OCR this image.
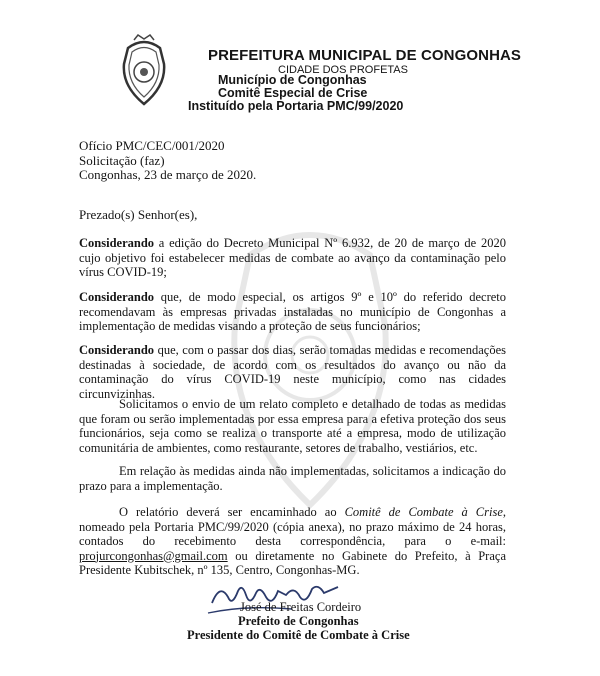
PREFEITURA MUNICIPAL DE CONGONHAS
CIDADE DOS PROFETAS
Município de Congonhas
Comitê Especial de Crise
Instituído pela Portaria PMC/99/2020
Ofício PMC/CEC/001/2020
Solicitação (faz)
Congonhas, 23 de março de 2020.
Prezado(s) Senhor(es),
Considerando a edição do Decreto Municipal Nº 6.932, de 20 de março de 2020 cujo objetivo foi estabelecer medidas de combate ao avanço da contaminação pelo vírus COVID-19;
Considerando que, de modo especial, os artigos 9º e 10º do referido decreto recomendavam às empresas privadas instaladas no município de Congonhas a implementação de medidas visando a proteção de seus funcionários;
Considerando que, com o passar dos dias, serão tomadas medidas e recomendações destinadas à sociedade, de acordo com os resultados do avanço ou não da contaminação do vírus COVID-19 neste município, como nas cidades circunvizinhas.
Solicitamos o envio de um relato completo e detalhado de todas as medidas que foram ou serão implementadas por essa empresa para a efetiva proteção dos seus funcionários, seja como se realiza o transporte até a empresa, modo de utilização comunitária de ambientes, como restaurante, setores de trabalho, vestiários, etc.
Em relação às medidas ainda não implementadas, solicitamos a indicação do prazo para a implementação.
O relatório deverá ser encaminhado ao Comitê de Combate à Crise, nomeado pela Portaria PMC/99/2020 (cópia anexa), no prazo máximo de 24 horas, contados do recebimento desta correspondência, para o e-mail: projurcongonhas@gmail.com ou diretamente no Gabinete do Prefeito, à Praça Presidente Kubitschek, nº 135, Centro, Congonhas-MG.
José de Freitas Cordeiro
Prefeito de Congonhas
Presidente do Comitê de Combate à Crise
